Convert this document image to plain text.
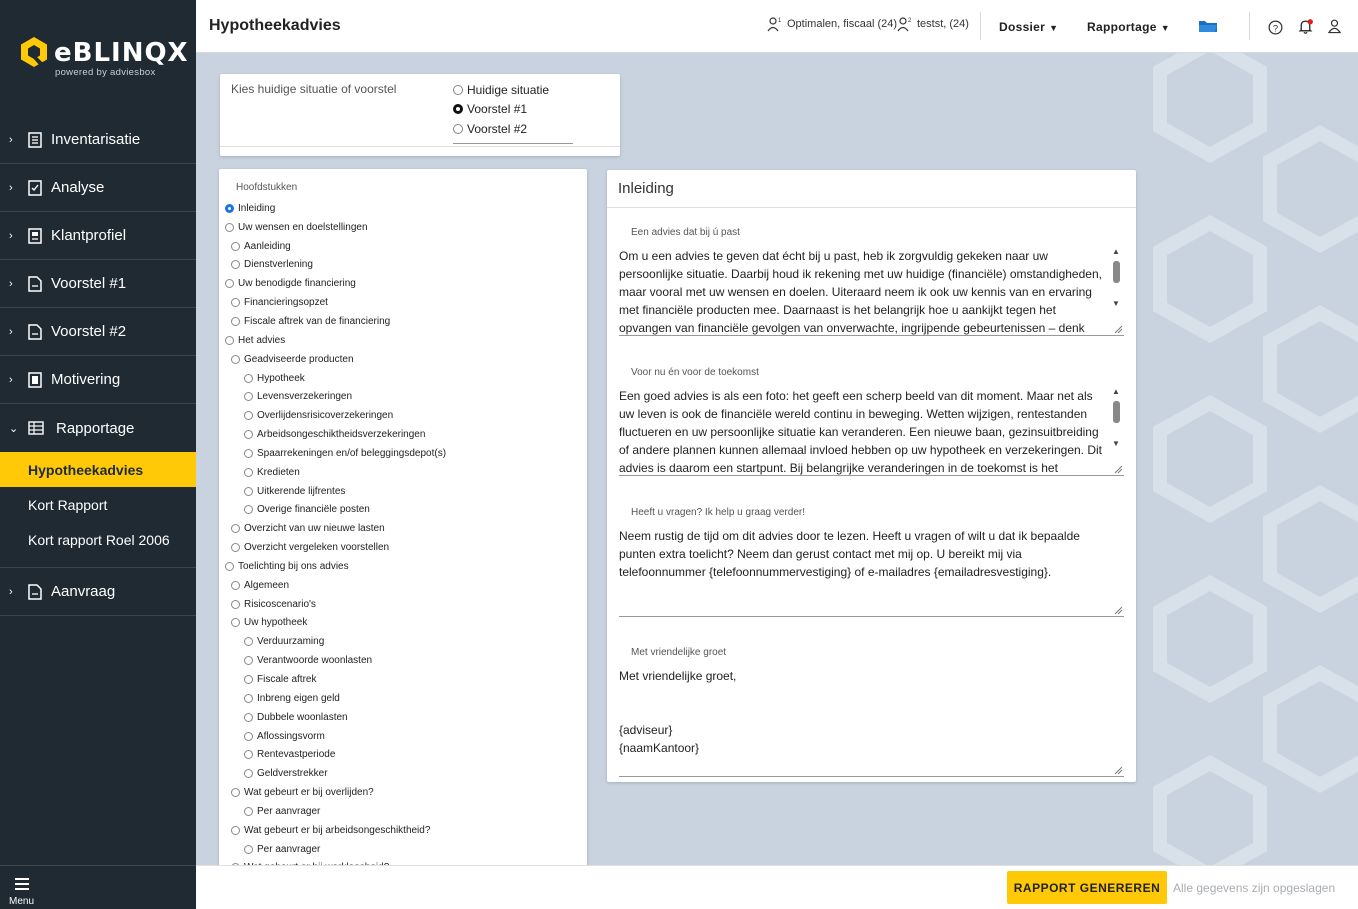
eBLINQX
powered by adviesbox
›	Inventarisatie
›	Analyse
›	Klantprofiel
›	Voorstel #1
›	Voorstel #2
›	Motivering
⌄	Rapportage
Hypotheekadvies
Kort Rapport
Kort rapport Roel 2006
›	Aanvraag
Menu
Hypotheekadvies	1 Optimalen, fiscaal (24) 2 testst, (24)	Dossier ▼ Rapportage ▼	?
Kies huidige situatie of voorstel	Huidige situatie
Voorstel #1
Voorstel #2
Hoofdstukken
Inleiding
Uw wensen en doelstellingen
Aanleiding
Dienstverlening
Uw benodigde financiering
Financieringsopzet
Fiscale aftrek van de financiering
Het advies
Geadviseerde producten
Hypotheek
Levensverzekeringen
Overlijdensrisicoverzekeringen
Arbeidsongeschiktheidsverzekeringen
Spaarrekeningen en/of beleggingsdepot(s)
Kredieten
Uitkerende lijfrentes
Overige financiële posten
Overzicht van uw nieuwe lasten
Overzicht vergeleken voorstellen
Toelichting bij ons advies
Algemeen
Risicoscenario's
Uw hypotheek
Verduurzaming
Verantwoorde woonlasten
Fiscale aftrek
Inbreng eigen geld
Dubbele woonlasten
Aflossingsvorm
Rentevastperiode
Geldverstrekker
Wat gebeurt er bij overlijden?
Per aanvrager
Wat gebeurt er bij arbeidsongeschiktheid?
Per aanvrager
Inleiding
Een advies dat bij ú past
Om u een advies te geven dat écht bij u past, heb ik zorgvuldig gekeken naar uw persoonlijke situatie. Daarbij houd ik rekening met uw huidige (financiële) omstandigheden, maar vooral met uw wensen en doelen. Uiteraard neem ik ook uw kennis van en ervaring met financiële producten mee. Daarnaast is het belangrijk hoe u aankijkt tegen het opvangen van financiële gevolgen van onverwachte, ingrijpende gebeurtenissen – denk
▲
▼
Voor nu én voor de toekomst
Een goed advies is als een foto: het geeft een scherp beeld van dit moment. Maar net als uw leven is ook de financiële wereld continu in beweging. Wetten wijzigen, rentestanden fluctueren en uw persoonlijke situatie kan veranderen. Een nieuwe baan, gezinsuitbreiding of andere plannen kunnen allemaal invloed hebben op uw hypotheek en verzekeringen. Dit advies is daarom een startpunt. Bij belangrijke veranderingen in de toekomst is het
▲
▼
Heeft u vragen? Ik help u graag verder!
Neem rustig de tijd om dit advies door te lezen. Heeft u vragen of wilt u dat ik bepaalde punten extra toelicht? Neem dan gerust contact met mij op. U bereikt mij via telefoonnummer {telefoonnummervestiging} of e-mailadres {emailadresvestiging}.
Met vriendelijke groet
Met vriendelijke groet,

{adviseur}
{naamKantoor}
RAPPORT GENEREREN	Alle gegevens zijn opgeslagen
